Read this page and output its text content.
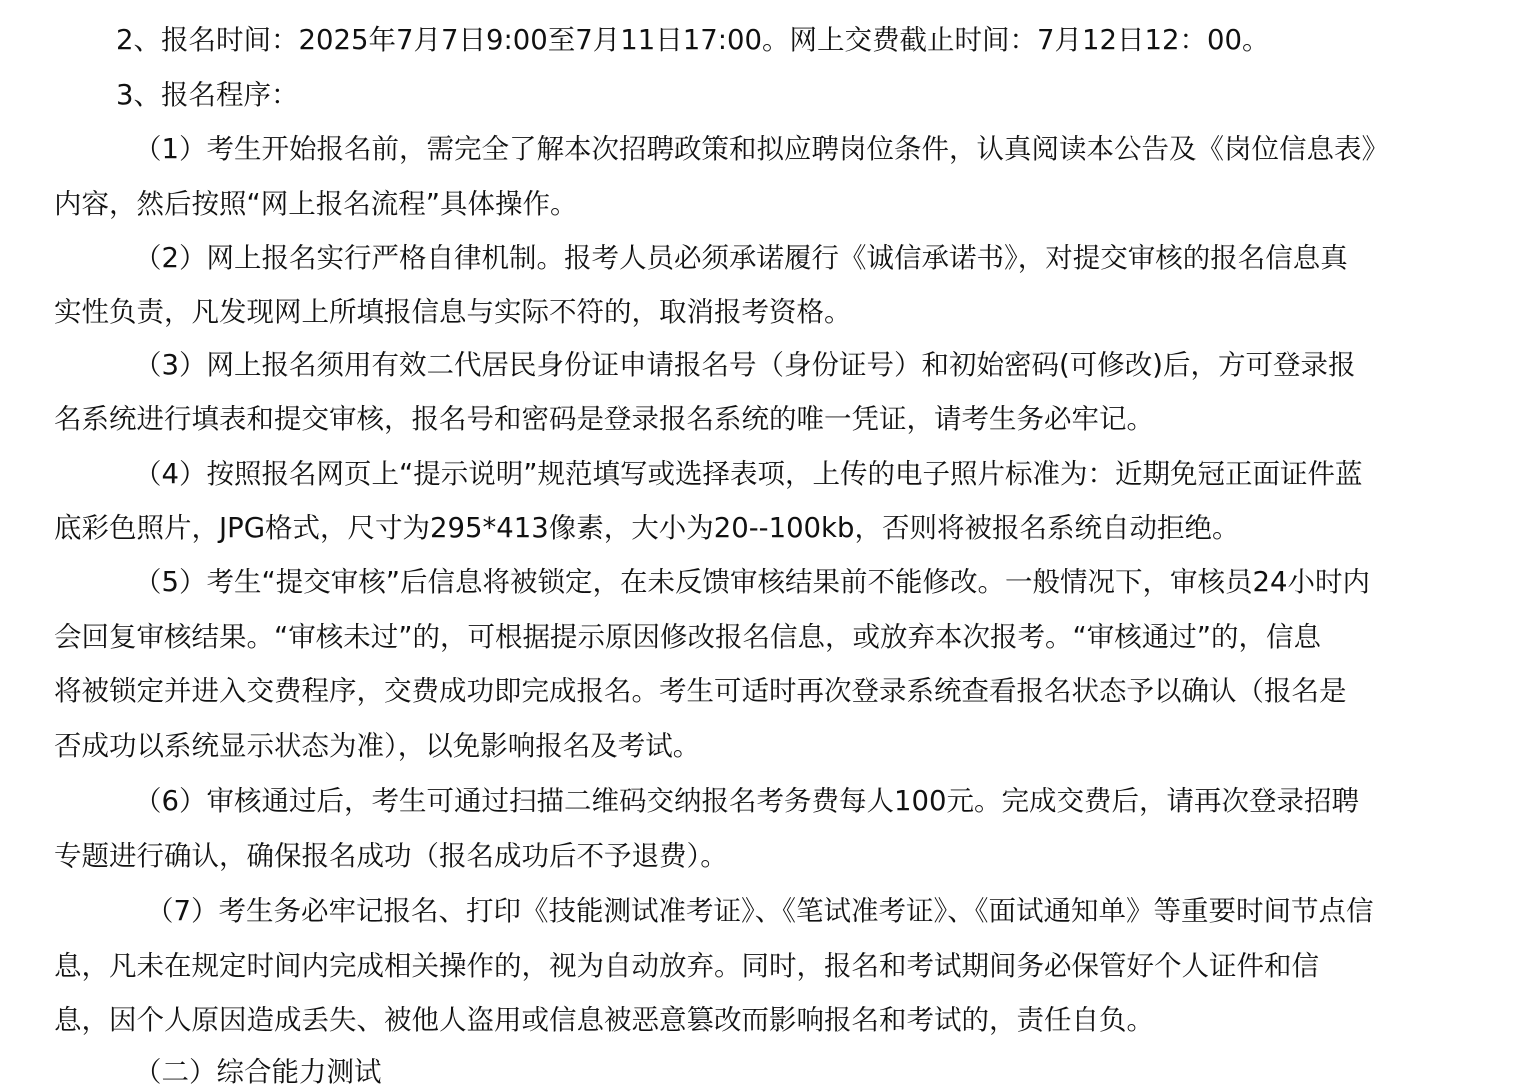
2、报名时间：2025年7月7日9:00至7月11日17:00。网上交费截止时间：7月12日12：00。
3、报名程序：
（1）考生开始报名前，需完全了解本次招聘政策和拟应聘岗位条件，认真阅读本公告及《岗位信息表》
内容，然后按照“网上报名流程”具体操作。
（2）网上报名实行严格自律机制。报考人员必须承诺履行《诚信承诺书》，对提交审核的报名信息真
实性负责，凡发现网上所填报信息与实际不符的，取消报考资格。
（3）网上报名须用有效二代居民身份证申请报名号（身份证号）和初始密码(可修改)后，方可登录报
名系统进行填表和提交审核，报名号和密码是登录报名系统的唯一凭证，请考生务必牢记。
（4）按照报名网页上“提示说明”规范填写或选择表项，上传的电子照片标准为：近期免冠正面证件蓝
底彩色照片，JPG格式，尺寸为295*413像素，大小为20--100kb，否则将被报名系统自动拒绝。
（5）考生“提交审核”后信息将被锁定，在未反馈审核结果前不能修改。一般情况下，审核员24小时内
会回复审核结果。“审核未过”的，可根据提示原因修改报名信息，或放弃本次报考。“审核通过”的，信息
将被锁定并进入交费程序，交费成功即完成报名。考生可适时再次登录系统查看报名状态予以确认（报名是
否成功以系统显示状态为准），以免影响报名及考试。
（6）审核通过后，考生可通过扫描二维码交纳报名考务费每人100元。完成交费后，请再次登录招聘
专题进行确认，确保报名成功（报名成功后不予退费）。
（7）考生务必牢记报名、打印《技能测试准考证》、《笔试准考证》、《面试通知单》等重要时间节点信
息，凡未在规定时间内完成相关操作的，视为自动放弃。同时，报名和考试期间务必保管好个人证件和信
息，因个人原因造成丢失、被他人盗用或信息被恶意篡改而影响报名和考试的，责任自负。
（二）综合能力测试
